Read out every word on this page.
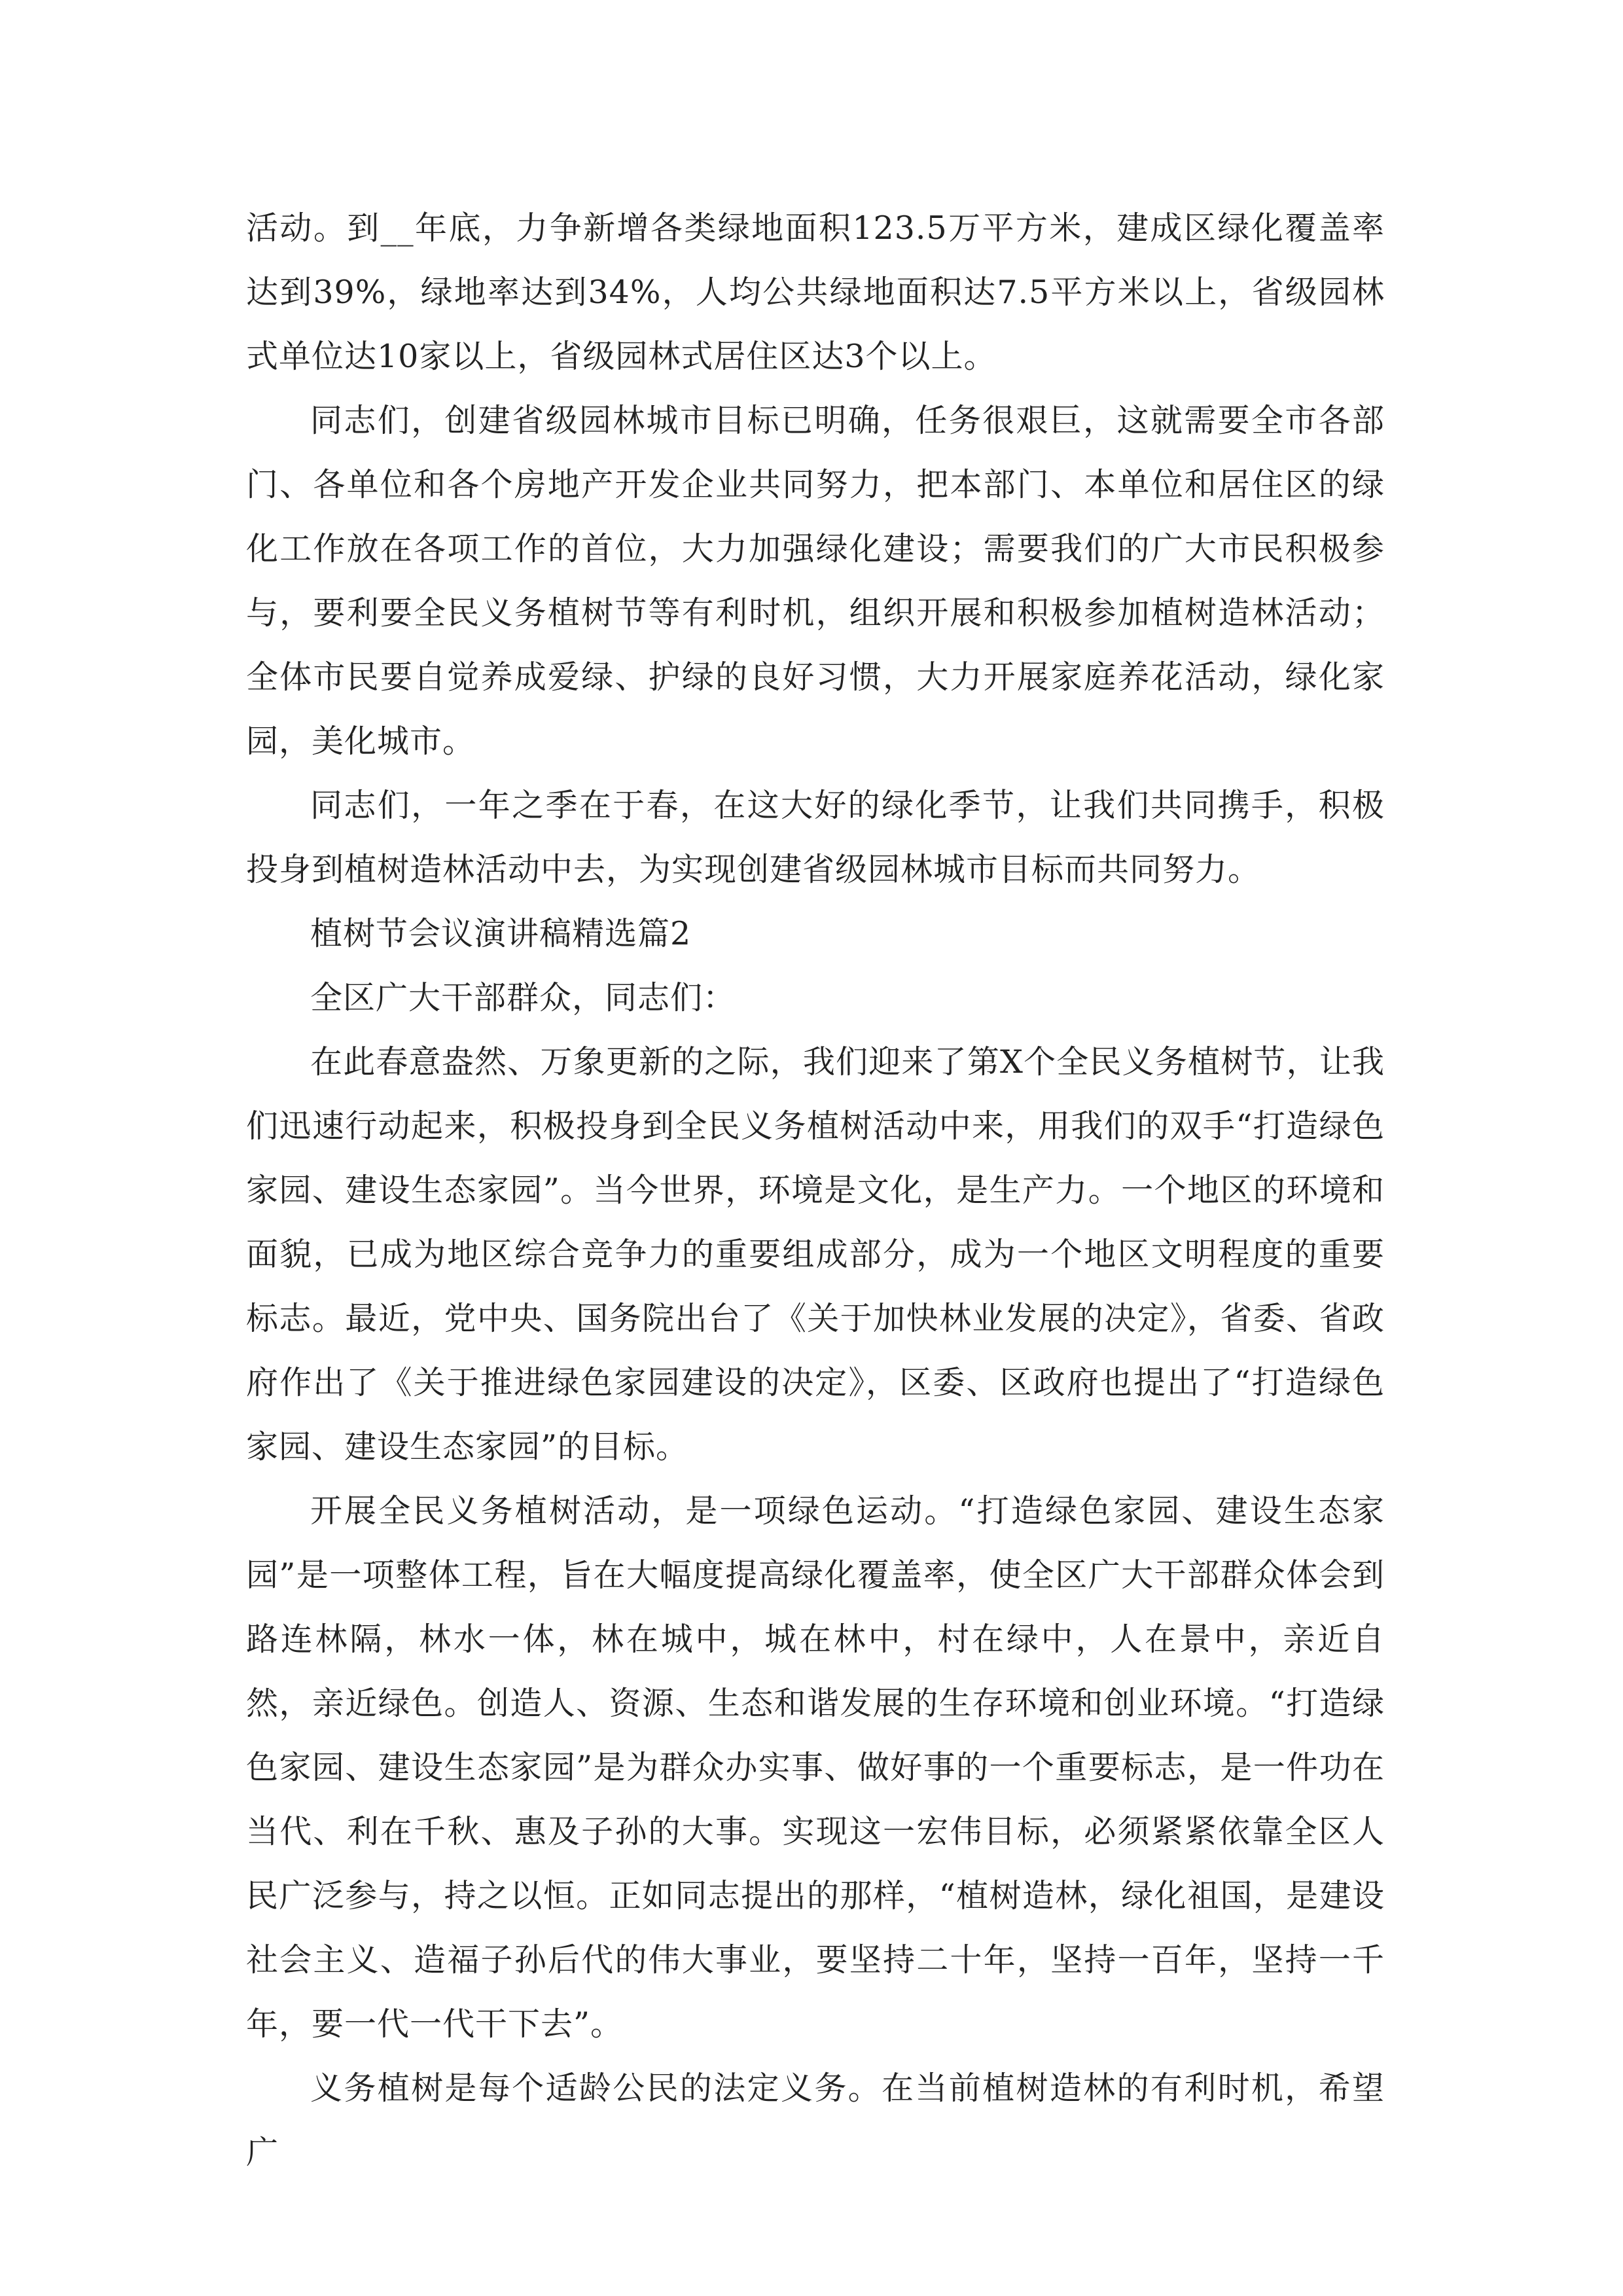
活动。到__年底，力争新增各类绿地面积123.5万平方米，建成区绿化覆盖率达到39%，绿地率达到34%，人均公共绿地面积达7.5平方米以上，省级园林式单位达10家以上，省级园林式居住区达3个以上。

同志们，创建省级园林城市目标已明确，任务很艰巨，这就需要全市各部门、各单位和各个房地产开发企业共同努力，把本部门、本单位和居住区的绿化工作放在各项工作的首位，大力加强绿化建设；需要我们的广大市民积极参与，要利要全民义务植树节等有利时机，组织开展和积极参加植树造林活动；全体市民要自觉养成爱绿、护绿的良好习惯，大力开展家庭养花活动，绿化家园，美化城市。

同志们，一年之季在于春，在这大好的绿化季节，让我们共同携手，积极投身到植树造林活动中去，为实现创建省级园林城市目标而共同努力。

植树节会议演讲稿精选篇2

全区广大干部群众，同志们：

在此春意盎然、万象更新的之际，我们迎来了第X个全民义务植树节，让我们迅速行动起来，积极投身到全民义务植树活动中来，用我们的双手“打造绿色家园、建设生态家园”。当今世界，环境是文化，是生产力。一个地区的环境和面貌，已成为地区综合竞争力的重要组成部分，成为一个地区文明程度的重要标志。最近，党中央、国务院出台了《关于加快林业发展的决定》，省委、省政府作出了《关于推进绿色家园建设的决定》，区委、区政府也提出了“打造绿色家园、建设生态家园”的目标。

开展全民义务植树活动，是一项绿色运动。“打造绿色家园、建设生态家园”是一项整体工程，旨在大幅度提高绿化覆盖率，使全区广大干部群众体会到路连林隔，林水一体，林在城中，城在林中，村在绿中，人在景中，亲近自然，亲近绿色。创造人、资源、生态和谐发展的生存环境和创业环境。“打造绿色家园、建设生态家园”是为群众办实事、做好事的一个重要标志，是一件功在当代、利在千秋、惠及子孙的大事。实现这一宏伟目标，必须紧紧依靠全区人民广泛参与，持之以恒。正如同志提出的那样，“植树造林，绿化祖国，是建设社会主义、造福子孙后代的伟大事业，要坚持二十年，坚持一百年，坚持一千年，要一代一代干下去”。

义务植树是每个适龄公民的法定义务。在当前植树造林的有利时机，希望广
